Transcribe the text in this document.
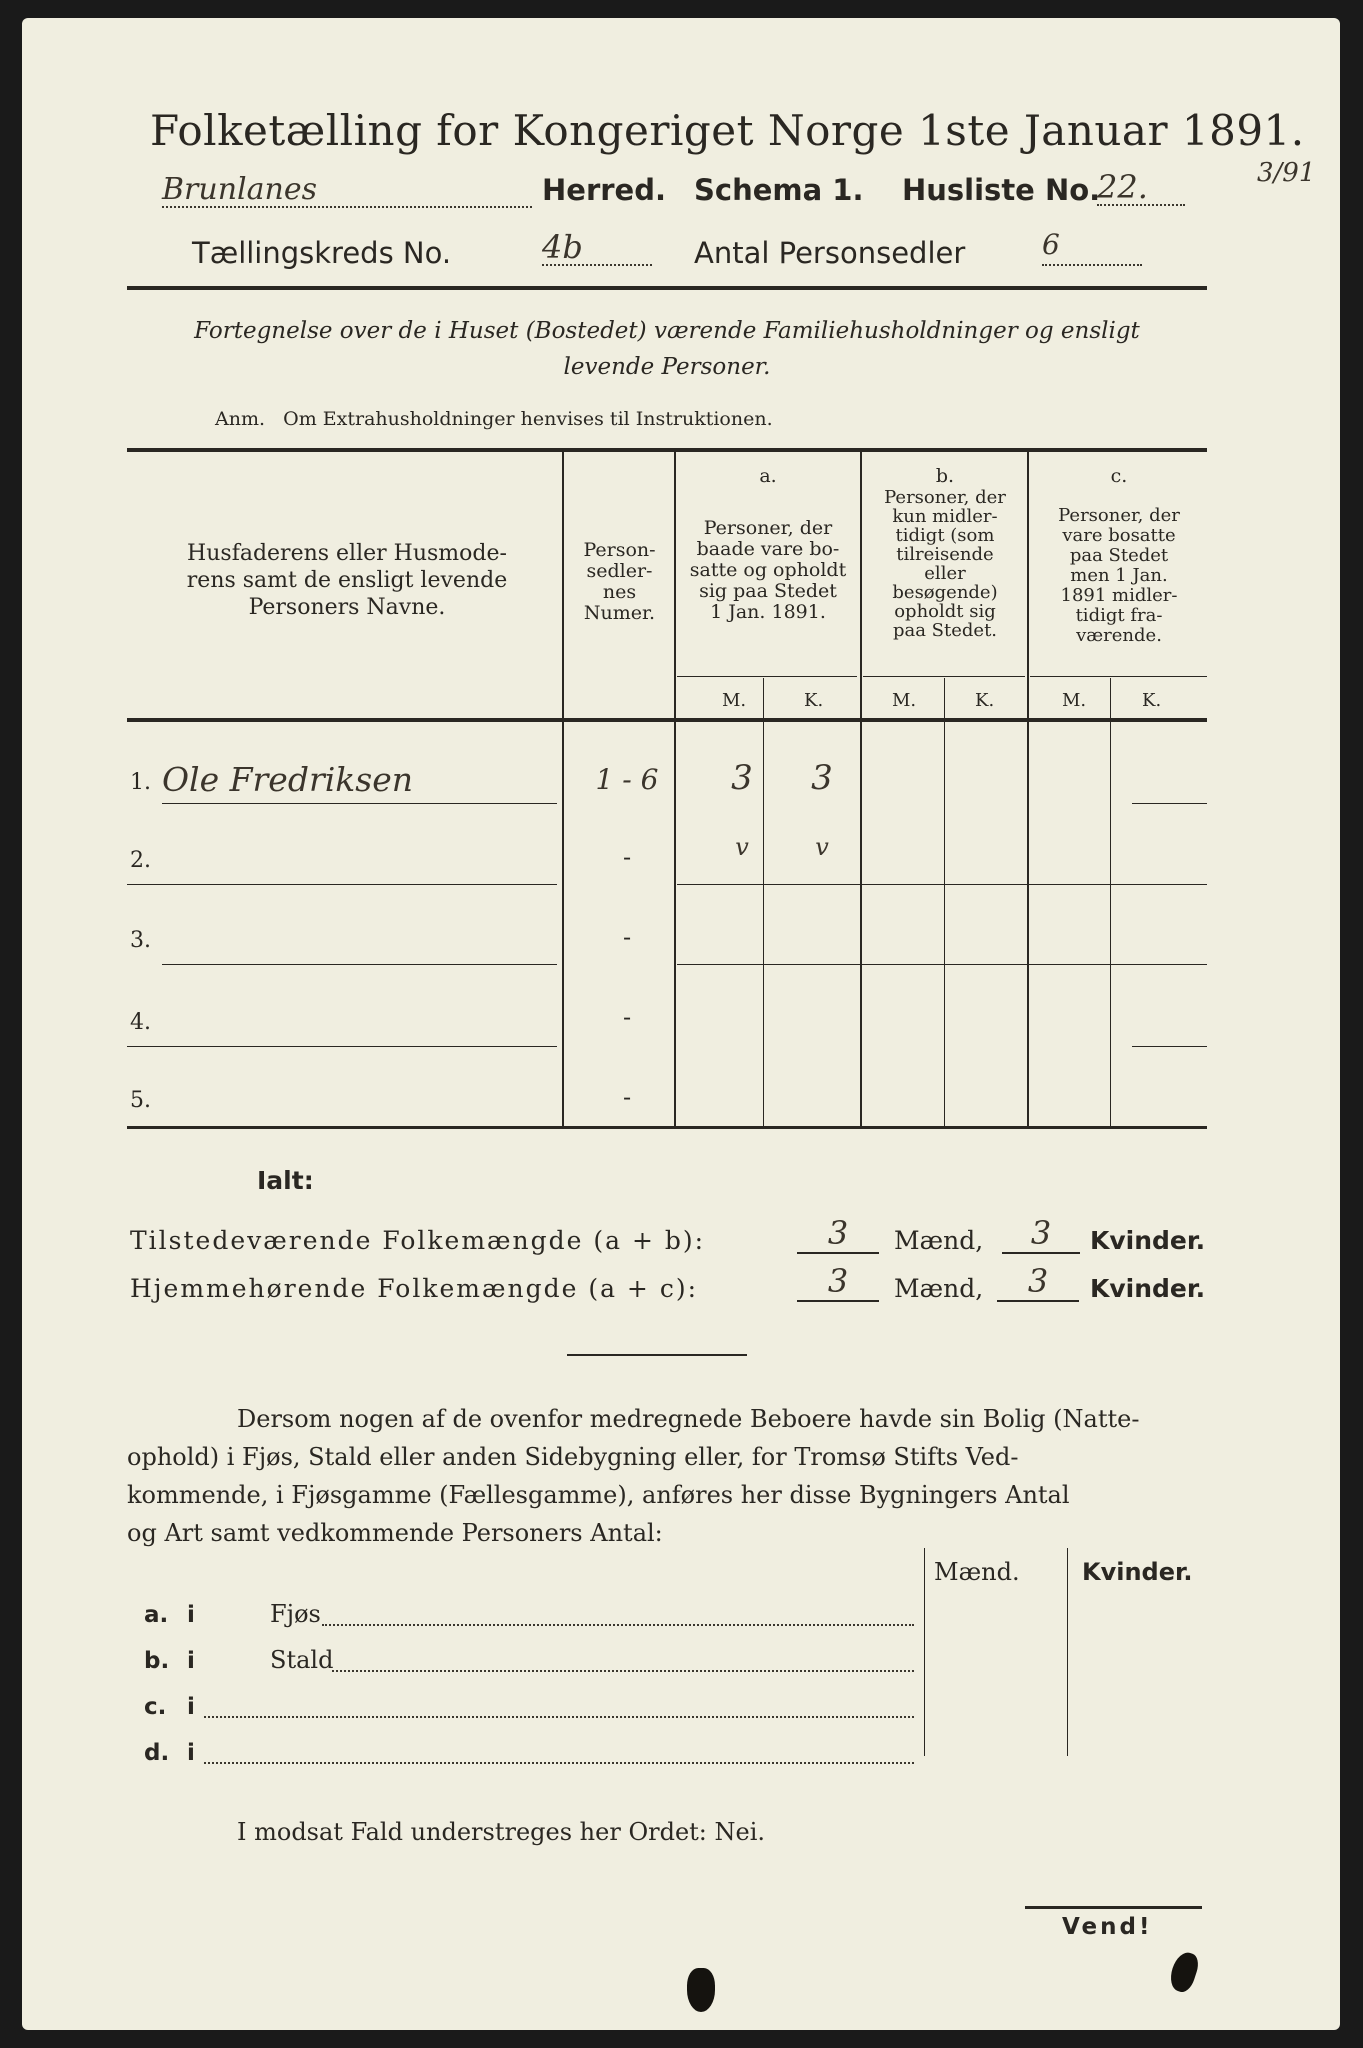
Folketælling for Kongeriget Norge 1ste Januar 1891.
Brunlanes	Herred. Schema 1. Husliste No.
22.	3/91
Tællingskreds No.	4b	Antal Personsedler	6
Fortegnelse over de i Huset (Bostedet) værende Familiehusholdninger og ensligt
levende Personer.
Anm.   Om Extrahusholdninger henvises til Instruktionen.
Husfaderens eller Husmode-
rens samt de ensligt levende
Personers Navne.
Person-
sedler-
nes
Numer.
a.
Personer, der
baade vare bo-
satte og opholdt
sig paa Stedet
1 Jan. 1891.
b.
Personer, der
kun midler-
tidigt (som
tilreisende
eller
besøgende)
opholdt sig
paa Stedet.
c.
Personer, der
vare bosatte
paa Stedet
men 1 Jan.
1891 midler-
tidigt fra-
værende.
M.	K.	M.	K.	M.	K.
1. Ole Fredriksen	1 - 6	3	3
2.	-	v	v
3.	-
4.	-
5.	-
Ialt:
Tilstedeværende Folkemængde (a + b):	3	Mænd,	3	Kvinder.
Hjemmehørende Folkemængde (a + c):	3	Mænd,	3	Kvinder.
Dersom nogen af de ovenfor medregnede Beboere havde sin Bolig (Natte-
ophold) i Fjøs, Stald eller anden Sidebygning eller, for Tromsø Stifts Ved-
kommende, i Fjøsgamme (Fællesgamme), anføres her disse Bygningers Antal
og Art samt vedkommende Personers Antal:
Mænd.	Kvinder.
a. i	Fjøs
b. i	Stald
c. i
d. i
I modsat Fald understreges her Ordet: Nei.
Vend!
